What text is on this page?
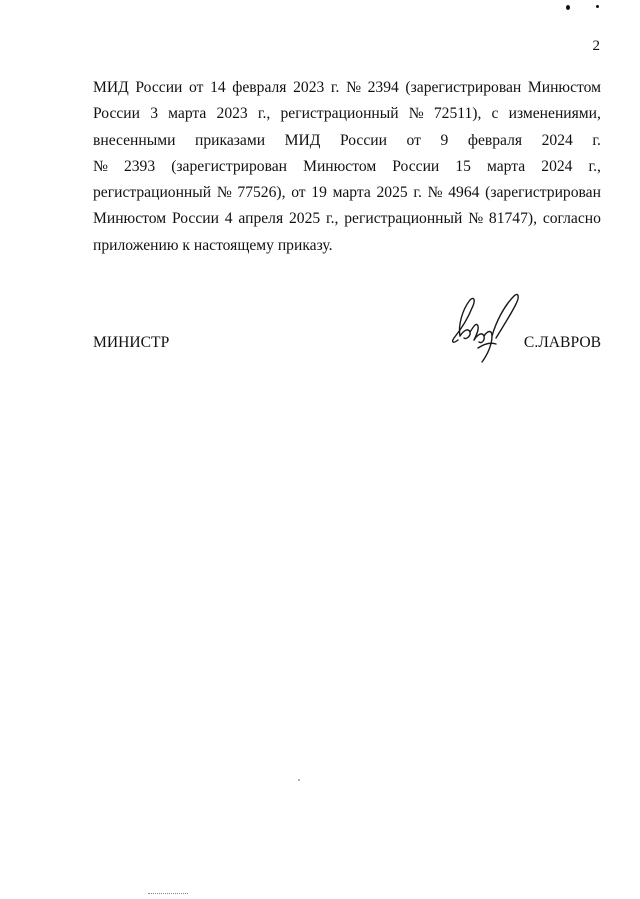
2
МИД России от 14 февраля 2023 г. № 2394 (зарегистрирован Минюстом
России 3 марта 2023 г., регистрационный № 72511), с изменениями,
внесенными приказами МИД России от 9 февраля 2024 г.
№ 2393 (зарегистрирован Минюстом России 15 марта 2024 г.,
регистрационный № 77526), от 19 марта 2025 г. № 4964 (зарегистрирован
Минюстом России 4 апреля 2025 г., регистрационный № 81747), согласно
приложению к настоящему приказу.
МИНИСТР	С.ЛАВРОВ
